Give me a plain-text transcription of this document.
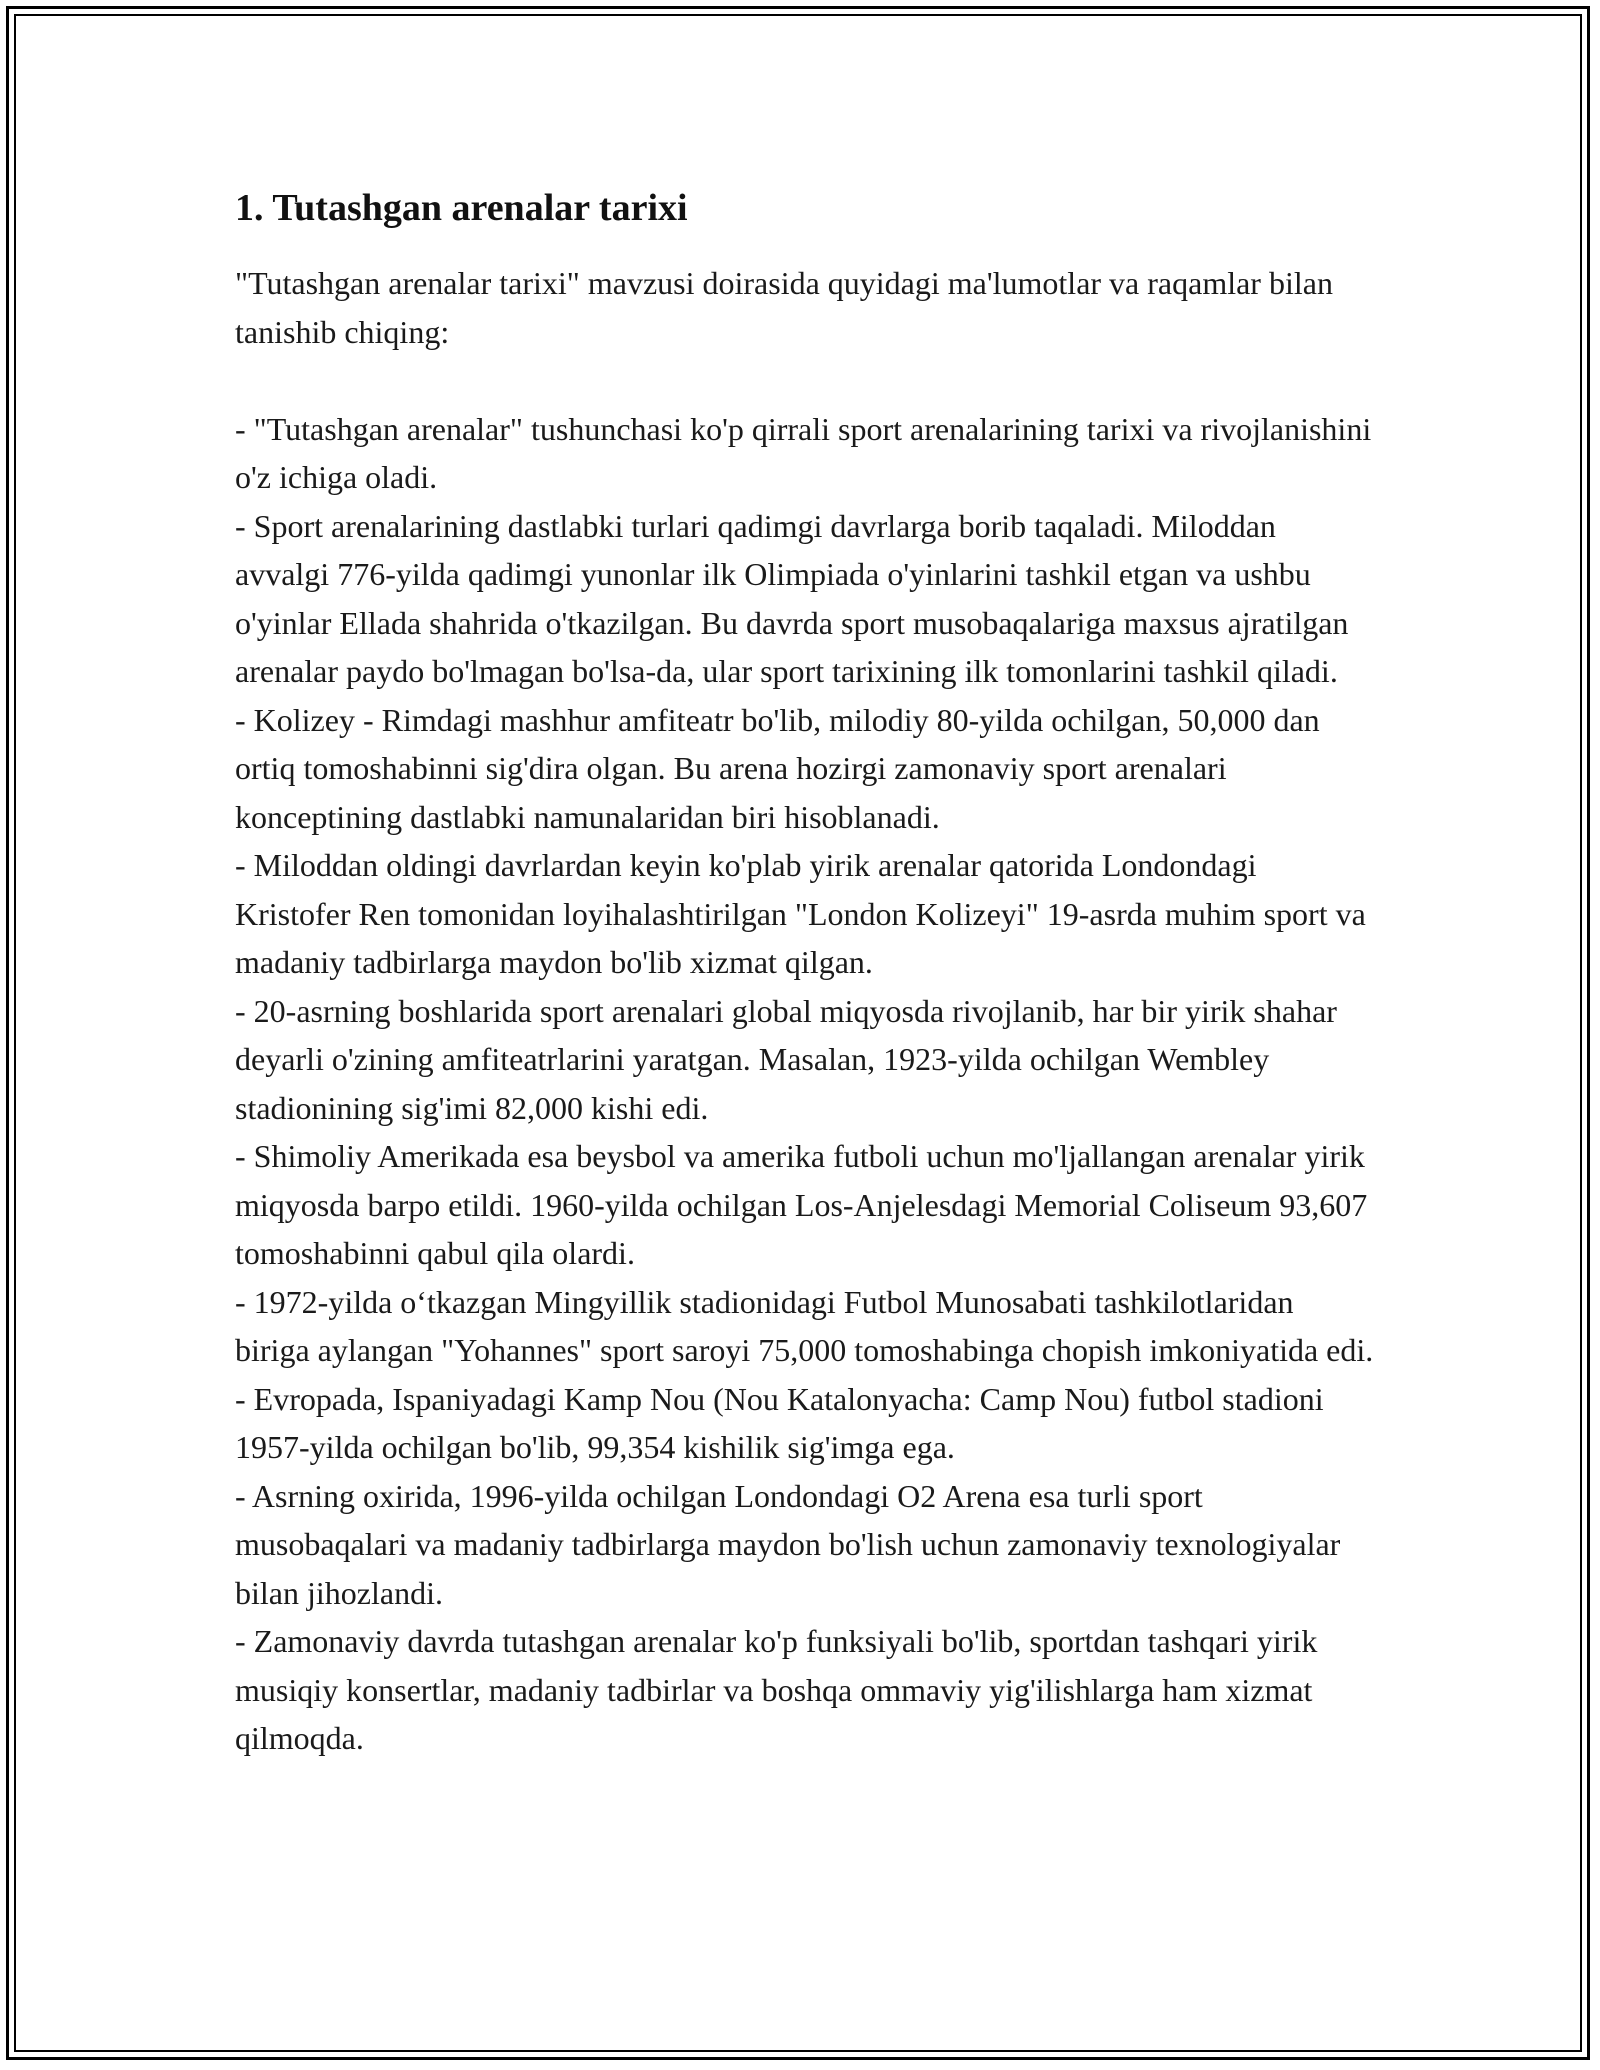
1. Tutashgan arenalar tarixi

"Tutashgan arenalar tarixi" mavzusi doirasida quyidagi ma'lumotlar va raqamlar bilan tanishib chiqing:

- "Tutashgan arenalar" tushunchasi ko'p qirrali sport arenalarining tarixi va rivojlanishini o'z ichiga oladi.

- Sport arenalarining dastlabki turlari qadimgi davrlarga borib taqaladi. Miloddan avvalgi 776-yilda qadimgi yunonlar ilk Olimpiada o'yinlarini tashkil etgan va ushbu o'yinlar Ellada shahrida o'tkazilgan. Bu davrda sport musobaqalariga maxsus ajratilgan arenalar paydo bo'lmagan bo'lsa-da, ular sport tarixining ilk tomonlarini tashkil qiladi.

- Kolizey - Rimdagi mashhur amfiteatr bo'lib, milodiy 80-yilda ochilgan, 50,000 dan ortiq tomoshabinni sig'dira olgan. Bu arena hozirgi zamonaviy sport arenalari konceptining dastlabki namunalaridan biri hisoblanadi.

- Miloddan oldingi davrlardan keyin ko'plab yirik arenalar qatorida Londondagi Kristofer Ren tomonidan loyihalashtirilgan "London Kolizeyi" 19-asrda muhim sport va madaniy tadbirlarga maydon bo'lib xizmat qilgan.

- 20-asrning boshlarida sport arenalari global miqyosda rivojlanib, har bir yirik shahar deyarli o'zining amfiteatrlarini yaratgan. Masalan, 1923-yilda ochilgan Wembley stadionining sig'imi 82,000 kishi edi.

- Shimoliy Amerikada esa beysbol va amerika futboli uchun mo'ljallangan arenalar yirik miqyosda barpo etildi. 1960-yilda ochilgan Los-Anjelesdagi Memorial Coliseum 93,607 tomoshabinni qabul qila olardi.

- 1972-yilda o‘tkazgan Mingyillik stadionidagi Futbol Munosabati tashkilotlaridan biriga aylangan "Yohannes" sport saroyi 75,000 tomoshabinga chopish imkoniyatida edi.

- Evropada, Ispaniyadagi Kamp Nou (Nou Katalonyacha: Camp Nou) futbol stadioni 1957-yilda ochilgan bo'lib, 99,354 kishilik sig'imga ega.

- Asrning oxirida, 1996-yilda ochilgan Londondagi O2 Arena esa turli sport musobaqalari va madaniy tadbirlarga maydon bo'lish uchun zamonaviy texnologiyalar bilan jihozlandi.

- Zamonaviy davrda tutashgan arenalar ko'p funksiyali bo'lib, sportdan tashqari yirik musiqiy konsertlar, madaniy tadbirlar va boshqa ommaviy yig'ilishlarga ham xizmat qilmoqda.
